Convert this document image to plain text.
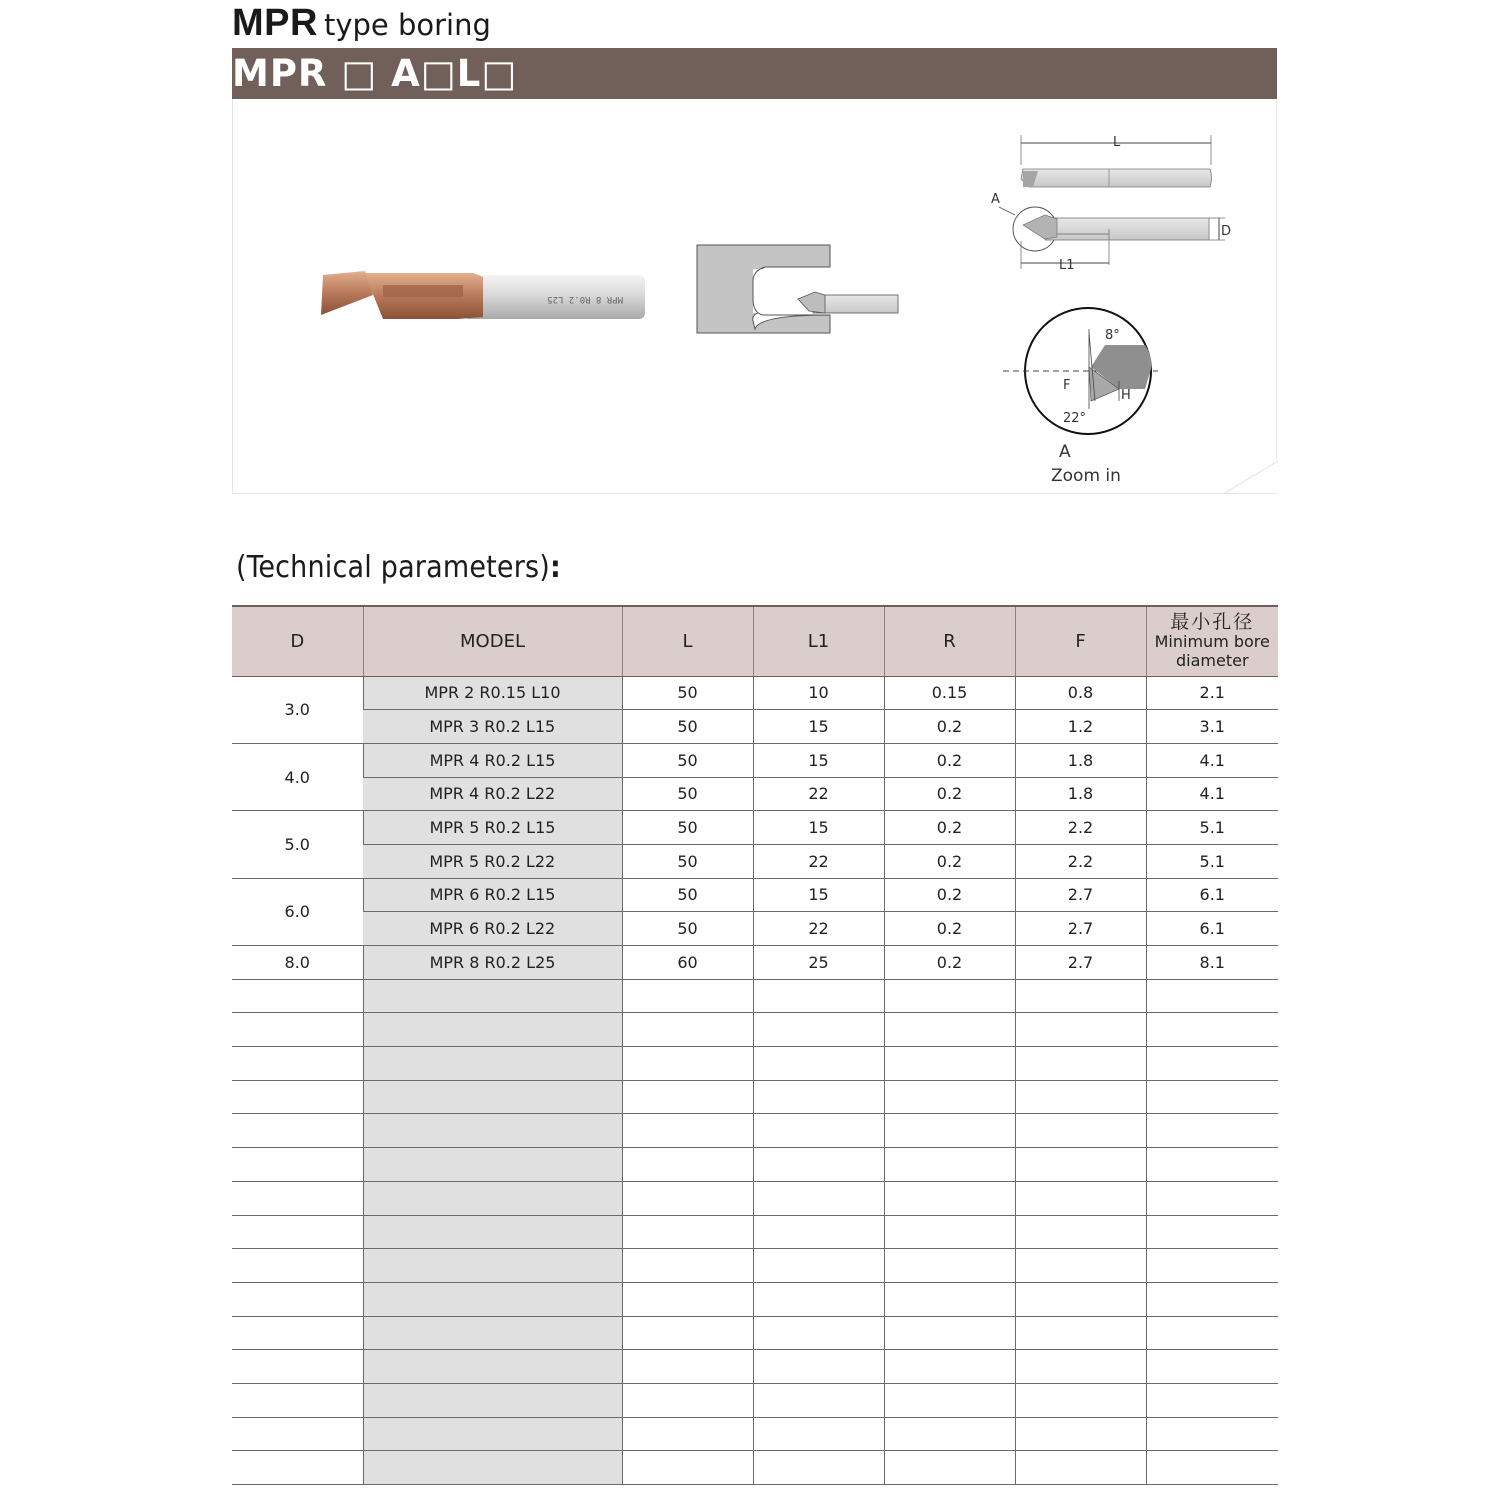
MPR type boring
MPR □ A□L□
MPR 8 R0.2 L25
L
A
L1
D
8°
F
H
22°
A
Zoom in
(Technical parameters):
D	MODEL	L	L1	R	F	最小孔径
Minimum bore diameter

3.0	MPR 2 R0.15 L10	50	10	0.15	0.8	2.1
	MPR 3 R0.2 L15	50	15	0.2	1.2	3.1
4.0	MPR 4 R0.2 L15	50	15	0.2	1.8	4.1
	MPR 4 R0.2 L22	50	22	0.2	1.8	4.1
5.0	MPR 5 R0.2 L15	50	15	0.2	2.2	5.1
	MPR 5 R0.2 L22	50	22	0.2	2.2	5.1
6.0	MPR 6 R0.2 L15	50	15	0.2	2.7	6.1
	MPR 6 R0.2 L22	50	22	0.2	2.7	6.1
8.0	MPR 8 R0.2 L25	60	25	0.2	2.7	8.1
